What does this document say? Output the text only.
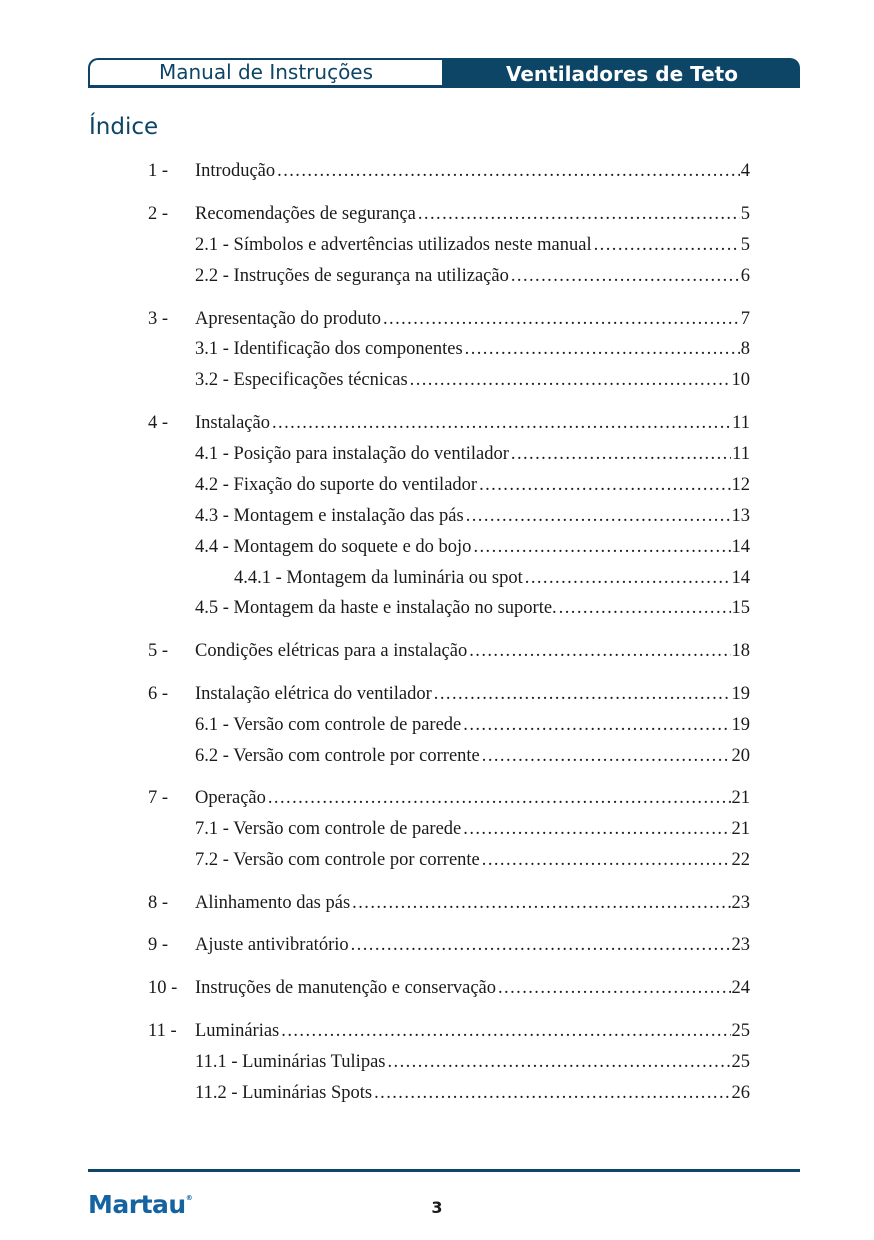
Manual de Instruções	Ventiladores de Teto
Índice
1 - Introdução . . .	4
2 - Recomendações de segurança . . .	5
2.1 - Símbolos e advertências utilizados neste manual . . .	5
2.2 - Instruções de segurança na utilização . . .	6
3 - Apresentação do produto . . .	7
3.1 - Identificação dos componentes . . .	8
3.2 - Especificações técnicas . . .	10
4 - Instalação . . .	11
4.1 - Posição para instalação do ventilador . . .	11
4.2 - Fixação do suporte do ventilador . . .	12
4.3 - Montagem e instalação das pás . . .	13
4.4 - Montagem do soquete e do bojo . . .	14
4.4.1 - Montagem da luminária ou spot . . .	14
4.5 - Montagem da haste e instalação no suporte. . . .	15
5 - Condições elétricas para a instalação . . .	18
6 - Instalação elétrica do ventilador . . .	19
6.1 - Versão com controle de parede . . .	19
6.2 - Versão com controle por corrente . . .	20
7 - Operação . . .	21
7.1 - Versão com controle de parede . . .	21
7.2 - Versão com controle por corrente . . .	22
8 - Alinhamento das pás . . .	23
9 - Ajuste antivibratório . . .	23
10 - Instruções de manutenção e conservação . . .	24
11 - Luminárias . . .	25
11.1 - Luminárias Tulipas . . .	25
11.2 - Luminárias Spots . . .	26
Martau®	3
